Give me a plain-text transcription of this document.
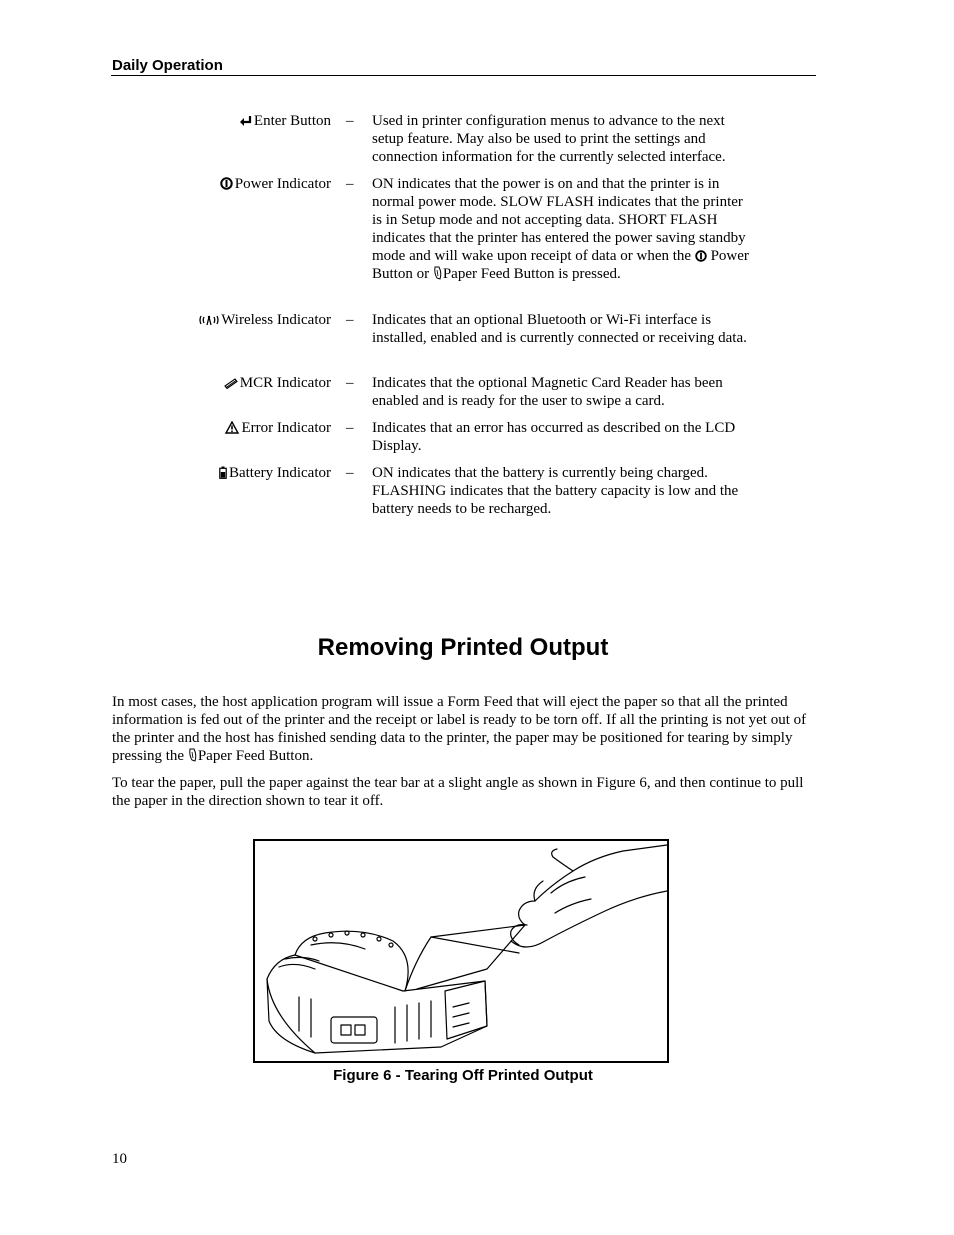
Daily Operation
Enter Button – Used in printer configuration menus to advance to the next setup feature. May also be used to print the settings and connection information for the currently selected interface.
Power Indicator – ON indicates that the power is on and that the printer is in normal power mode. SLOW FLASH indicates that the printer is in Setup mode and not accepting data. SHORT FLASH indicates that the printer has entered the power saving standby mode and will wake upon receipt of data or when the Power Button or Paper Feed Button is pressed.
Wireless Indicator – Indicates that an optional Bluetooth or Wi-Fi interface is installed, enabled and is currently connected or receiving data.
MCR Indicator – Indicates that the optional Magnetic Card Reader has been enabled and is ready for the user to swipe a card.
Error Indicator – Indicates that an error has occurred as described on the LCD Display.
Battery Indicator – ON indicates that the battery is currently being charged. FLASHING indicates that the battery capacity is low and the battery needs to be recharged.
Removing Printed Output
In most cases, the host application program will issue a Form Feed that will eject the paper so that all the printed information is fed out of the printer and the receipt or label is ready to be torn off. If all the printing is not yet out of the printer and the host has finished sending data to the printer, the paper may be positioned for tearing by simply pressing the Paper Feed Button.
To tear the paper, pull the paper against the tear bar at a slight angle as shown in Figure 6, and then continue to pull the paper in the direction shown to tear it off.
Figure 6 - Tearing Off Printed Output
10
